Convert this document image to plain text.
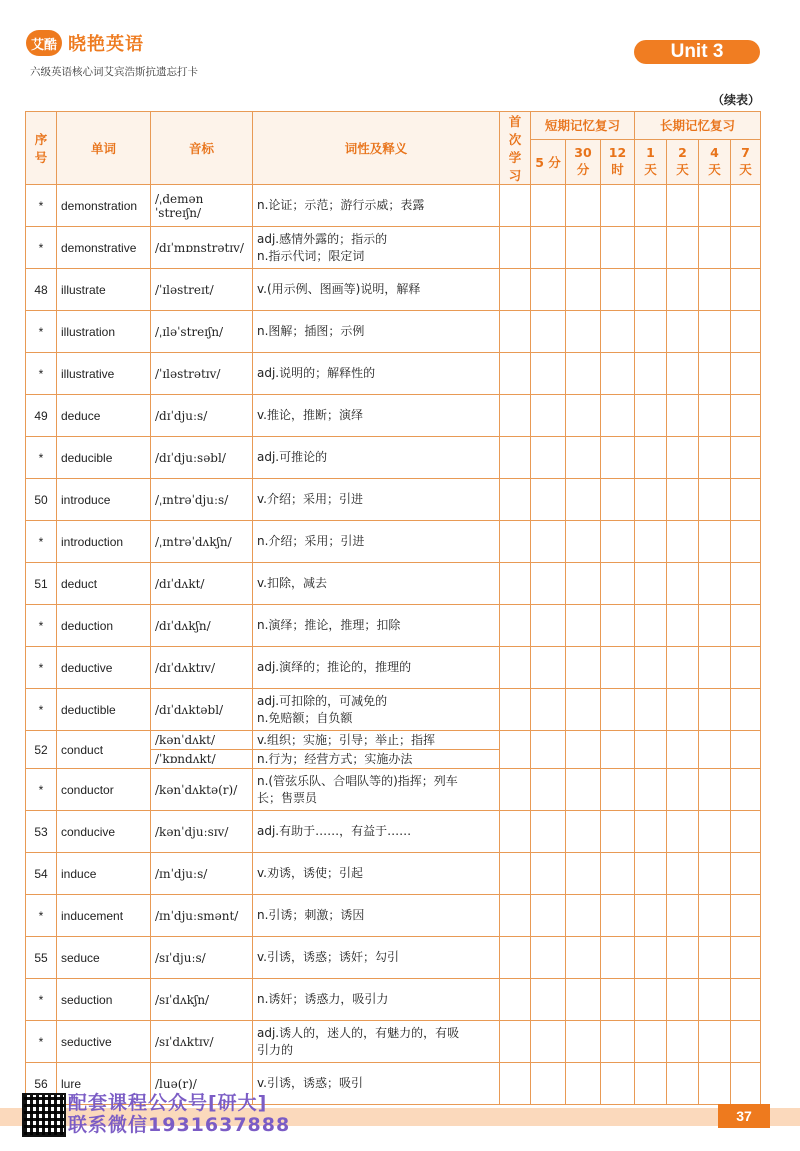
艾酷 晓艳英语
六级英语核心词艾宾浩斯抗遗忘打卡
Unit 3
（续表）
序号	单词	音标	词性及释义	首次学习	短期记忆复习			长期记忆复习			
					5 分	30 分	12 时	1 天	2 天	4 天	7 天
*	demonstration	/ˌdemənˈstreɪʃn/	n.论证；示范；游行示威；表露								

*	demonstrative	/dɪˈmɒnstrətɪv/	adj.感情外露的；指示的
n.指示代词；限定词								

48	illustrate	/ˈɪləstreɪt/	v.(用示例、图画等)说明，解释								

*	illustration	/ˌɪləˈstreɪʃn/	n.图解；插图；示例								

*	illustrative	/ˈɪləstrətɪv/	adj.说明的；解释性的								

49	deduce	/dɪˈdjuːs/	v.推论，推断；演绎								

*	deducible	/dɪˈdjuːsəbl/	adj.可推论的								

50	introduce	/ˌɪntrəˈdjuːs/	v.介绍；采用；引进								

*	introduction	/ˌɪntrəˈdʌkʃn/	n.介绍；采用；引进								

51	deduct	/dɪˈdʌkt/	v.扣除，减去								

*	deduction	/dɪˈdʌkʃn/	n.演绎；推论，推理；扣除								

*	deductive	/dɪˈdʌktɪv/	adj.演绎的；推论的，推理的								

*	deductible	/dɪˈdʌktəbl/	adj.可扣除的，可减免的
n.免赔额；自负额								

52	conduct	/kənˈdʌkt/	v.组织；实施；引导；举止；指挥								
		/ˈkɒndʌkt/	n.行为；经营方式；实施办法								
*	conductor	/kənˈdʌktə(r)/	n.(管弦乐队、合唱队等的)指挥；列车
长；售票员								

53	conducive	/kənˈdjuːsɪv/	adj.有助于……，有益于……								

54	induce	/ɪnˈdjuːs/	v.劝诱，诱使；引起								

*	inducement	/ɪnˈdjuːsmənt/	n.引诱；刺激；诱因								

55	seduce	/sɪˈdjuːs/	v.引诱，诱惑；诱奸；勾引								

*	seduction	/sɪˈdʌkʃn/	n.诱奸；诱惑力，吸引力								

*	seductive	/sɪˈdʌktɪv/	adj.诱人的，迷人的，有魅力的，有吸
引力的								

56	lure	/luə(r)/	v.引诱，诱惑；吸引								

配套课程公众号[研大]
联系微信1931637888	37
